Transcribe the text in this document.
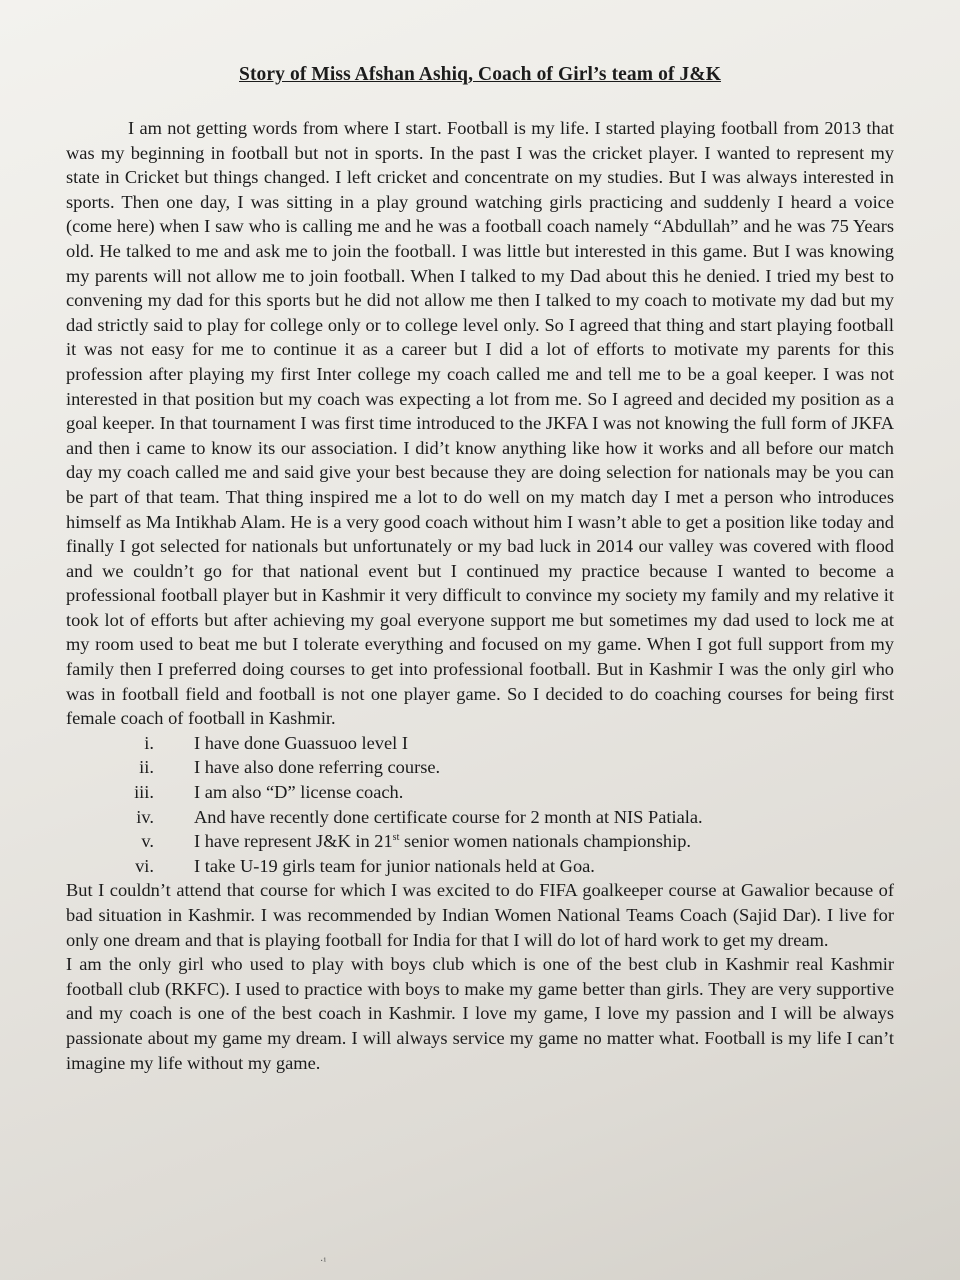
Story of Miss Afshan Ashiq, Coach of Girl’s team of J&K

I am not getting words from where I start. Football is my life. I started playing football from 2013 that was my beginning in football but not in sports. In the past I was the cricket player. I wanted to represent my state in Cricket but things changed. I left cricket and concentrate on my studies. But I was always interested in sports. Then one day, I was sitting in a play ground watching girls practicing and suddenly I heard a voice (come here) when I saw who is calling me and he was a football coach namely “Abdullah” and he was 75 Years old. He talked to me and ask me to join the football. I was little but interested in this game. But I was knowing my parents will not allow me to join football. When I talked to my Dad about this he denied. I tried my best to convening my dad for this sports but he did not allow me then I talked to my coach to motivate my dad but my dad strictly said to play for college only or to college level only. So I agreed that thing and start playing football it was not easy for me to continue it as a career but I did a lot of efforts to motivate my parents for this profession after playing my first Inter college my coach called me and tell me to be a goal keeper. I was not interested in that position but my coach was expecting a lot from me. So I agreed and decided my position as a goal keeper. In that tournament I was first time introduced to the JKFA I was not knowing the full form of JKFA and then i came to know its our association. I did’t know anything like how it works and all before our match day my coach called me and said give your best because they are doing selection for nationals may be you can be part of that team. That thing inspired me a lot to do well on my match day I met a person who introduces himself as Ma Intikhab Alam. He is a very good coach without him I wasn’t able to get a position like today and finally I got selected for nationals but unfortunately or my bad luck in 2014 our valley was covered with flood and we couldn’t go for that national event but I continued my practice because I wanted to become a professional football player but in Kashmir it very difficult to convince my society my family and my relative it took lot of efforts but after achieving my goal everyone support me but sometimes my dad used to lock me at my room used to beat me but I tolerate everything and focused on my game. When I got full support from my family then I preferred doing courses to get into professional football. But in Kashmir I was the only girl who was in football field and football is not one player game. So I decided to do coaching courses for being first female coach of football in Kashmir.

i.	I have done Guassuoo level I
ii.	I have also done referring course.
iii.	I am also “D” license coach.
iv.	And have recently done certificate course for 2 month at NIS Patiala.
v.	I have represent J&K in 21st senior women nationals championship.
vi.	I take U-19 girls team for junior nationals held at Goa.

But I couldn’t attend that course for which I was excited to do FIFA goalkeeper course at Gawalior because of bad situation in Kashmir. I was recommended by Indian Women National Teams Coach (Sajid Dar). I live for only one dream and that is playing football for India for that I will do lot of hard work to get my dream.

I am the only girl who used to play with boys club which is one of the best club in Kashmir real Kashmir football club (RKFC). I used to practice with boys to make my game better than girls. They are very supportive and my coach is one of the best coach in Kashmir. I love my game, I love my passion and I will be always passionate about my game my dream. I will always service my game no matter what. Football is my life I can’t imagine my life without my game.

·¹
